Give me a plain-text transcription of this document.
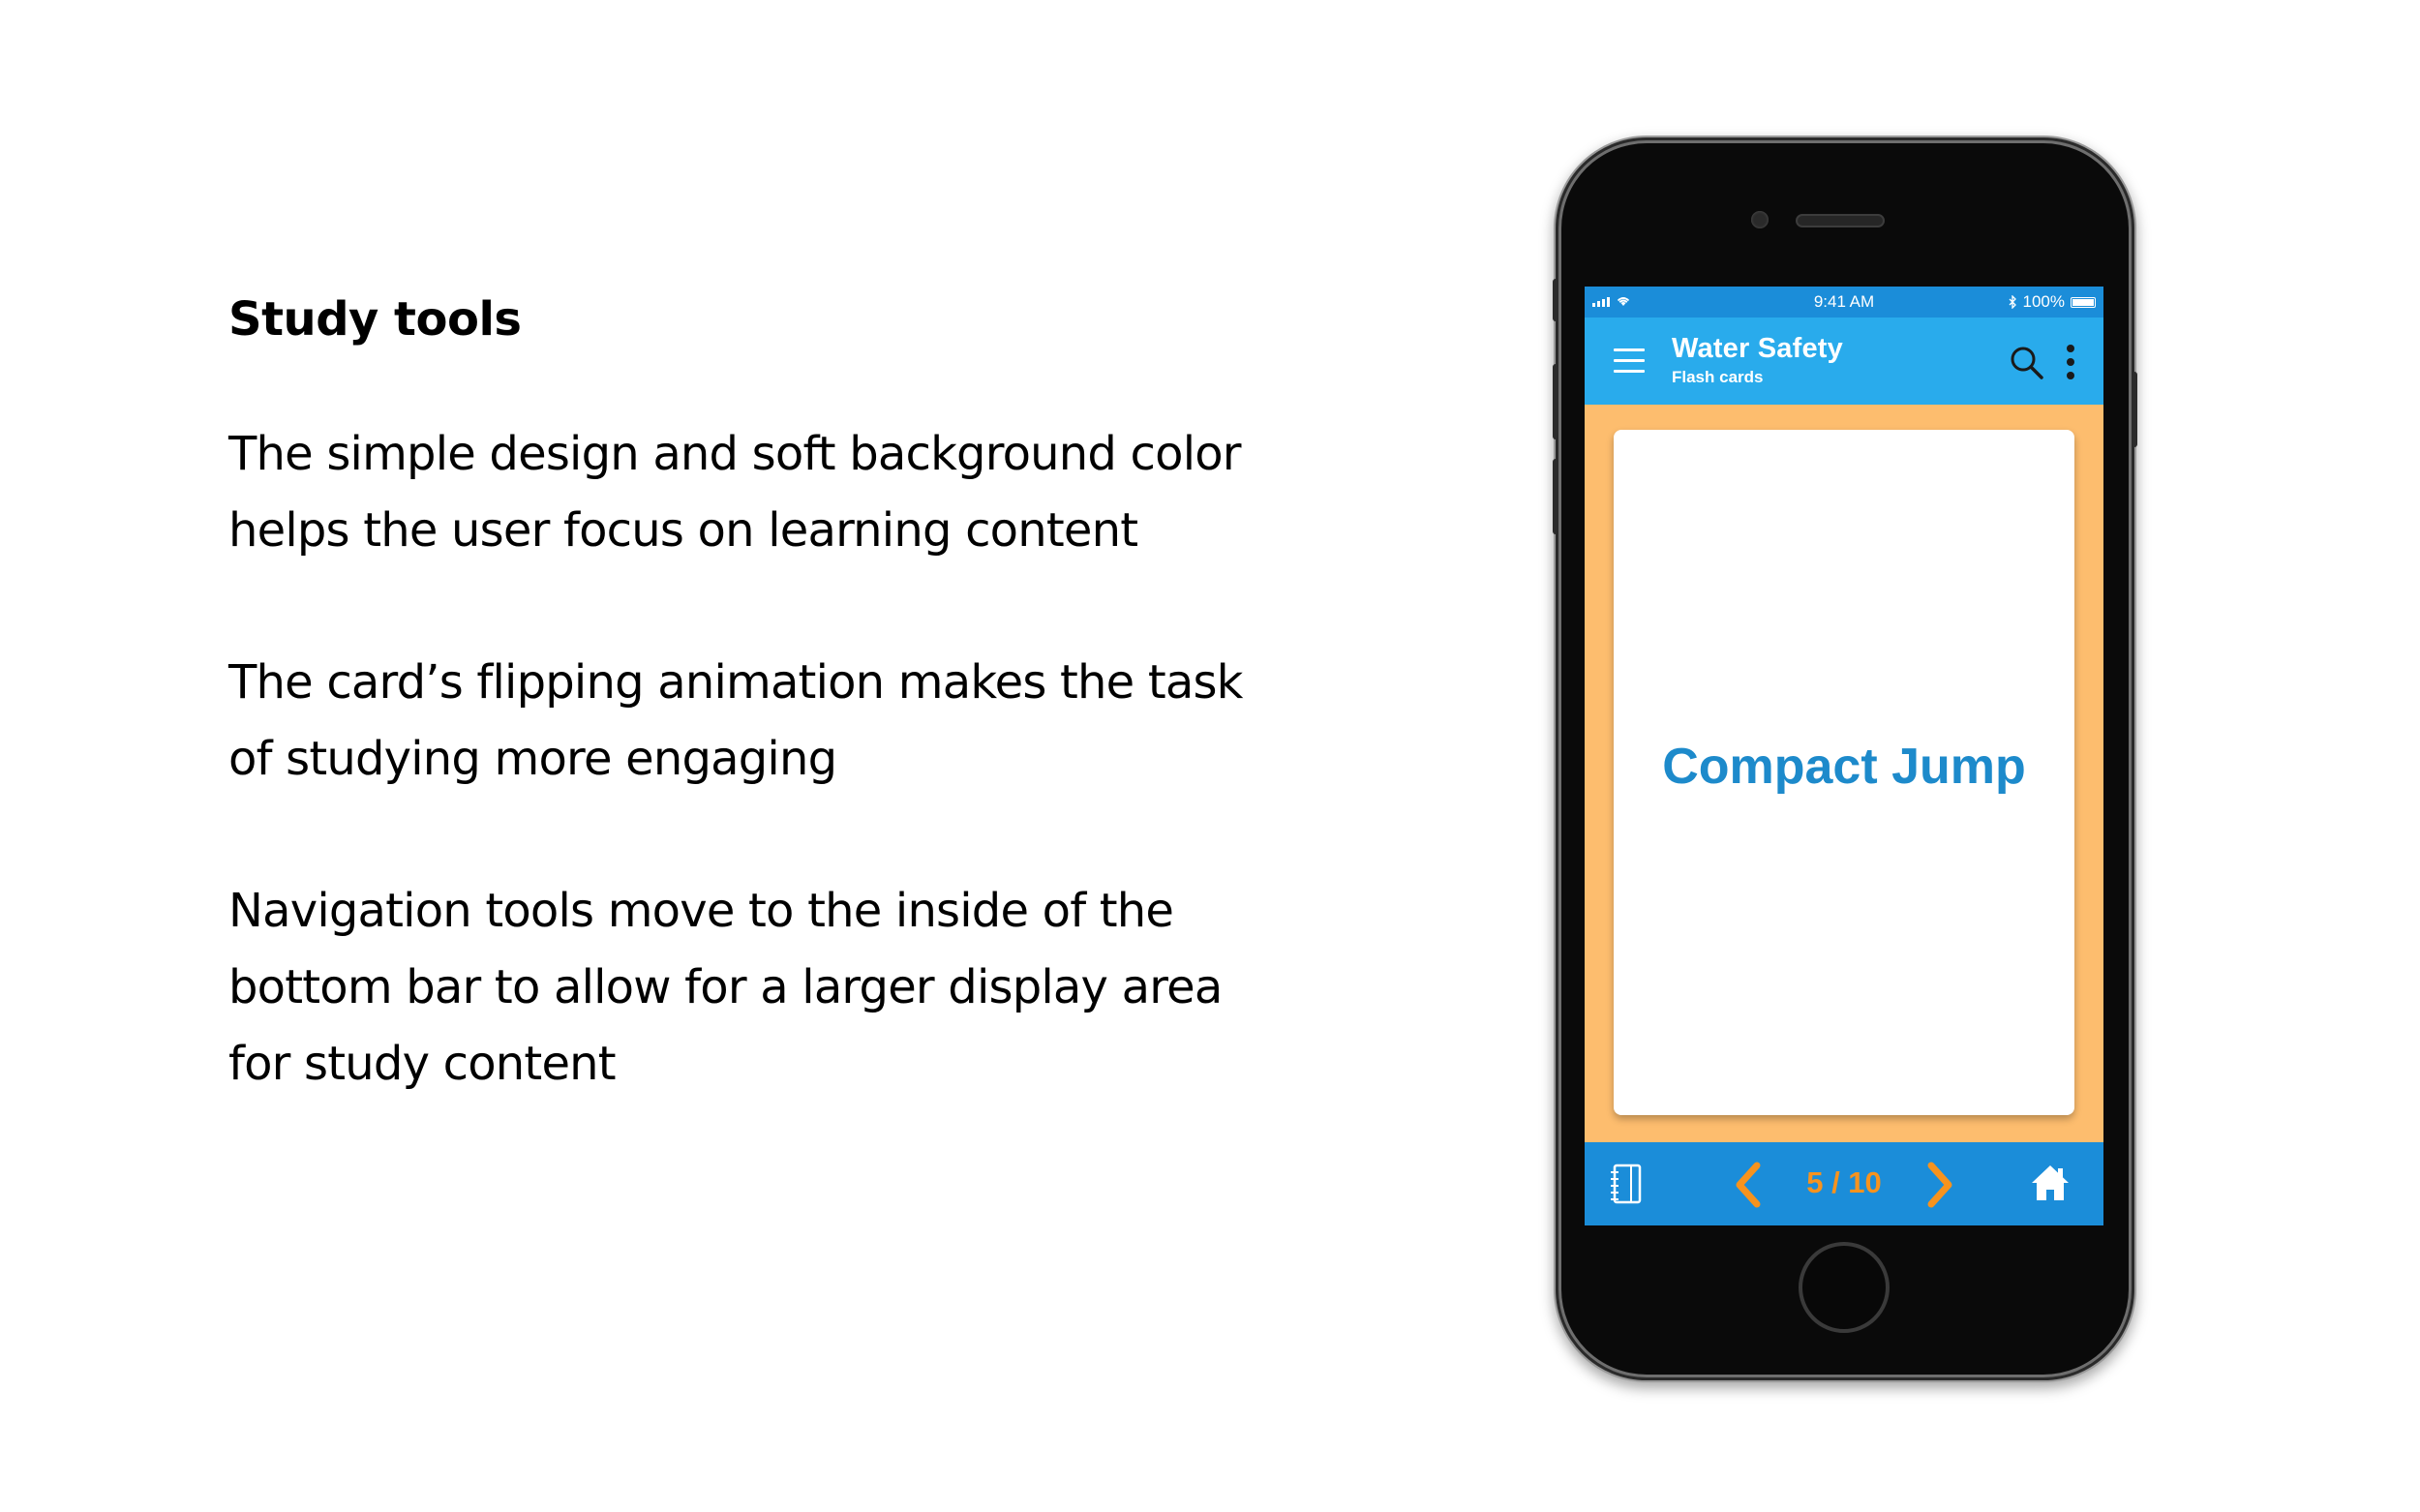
Study tools
The simple design and soft background color helps the user focus on learning content
The card’s flipping animation makes the task of studying more engaging
Navigation tools move to the inside of the bottom bar to allow for a larger display area for study content
9:41 AM	100%
Water Safety
Flash cards
Compact Jump
5 / 10
